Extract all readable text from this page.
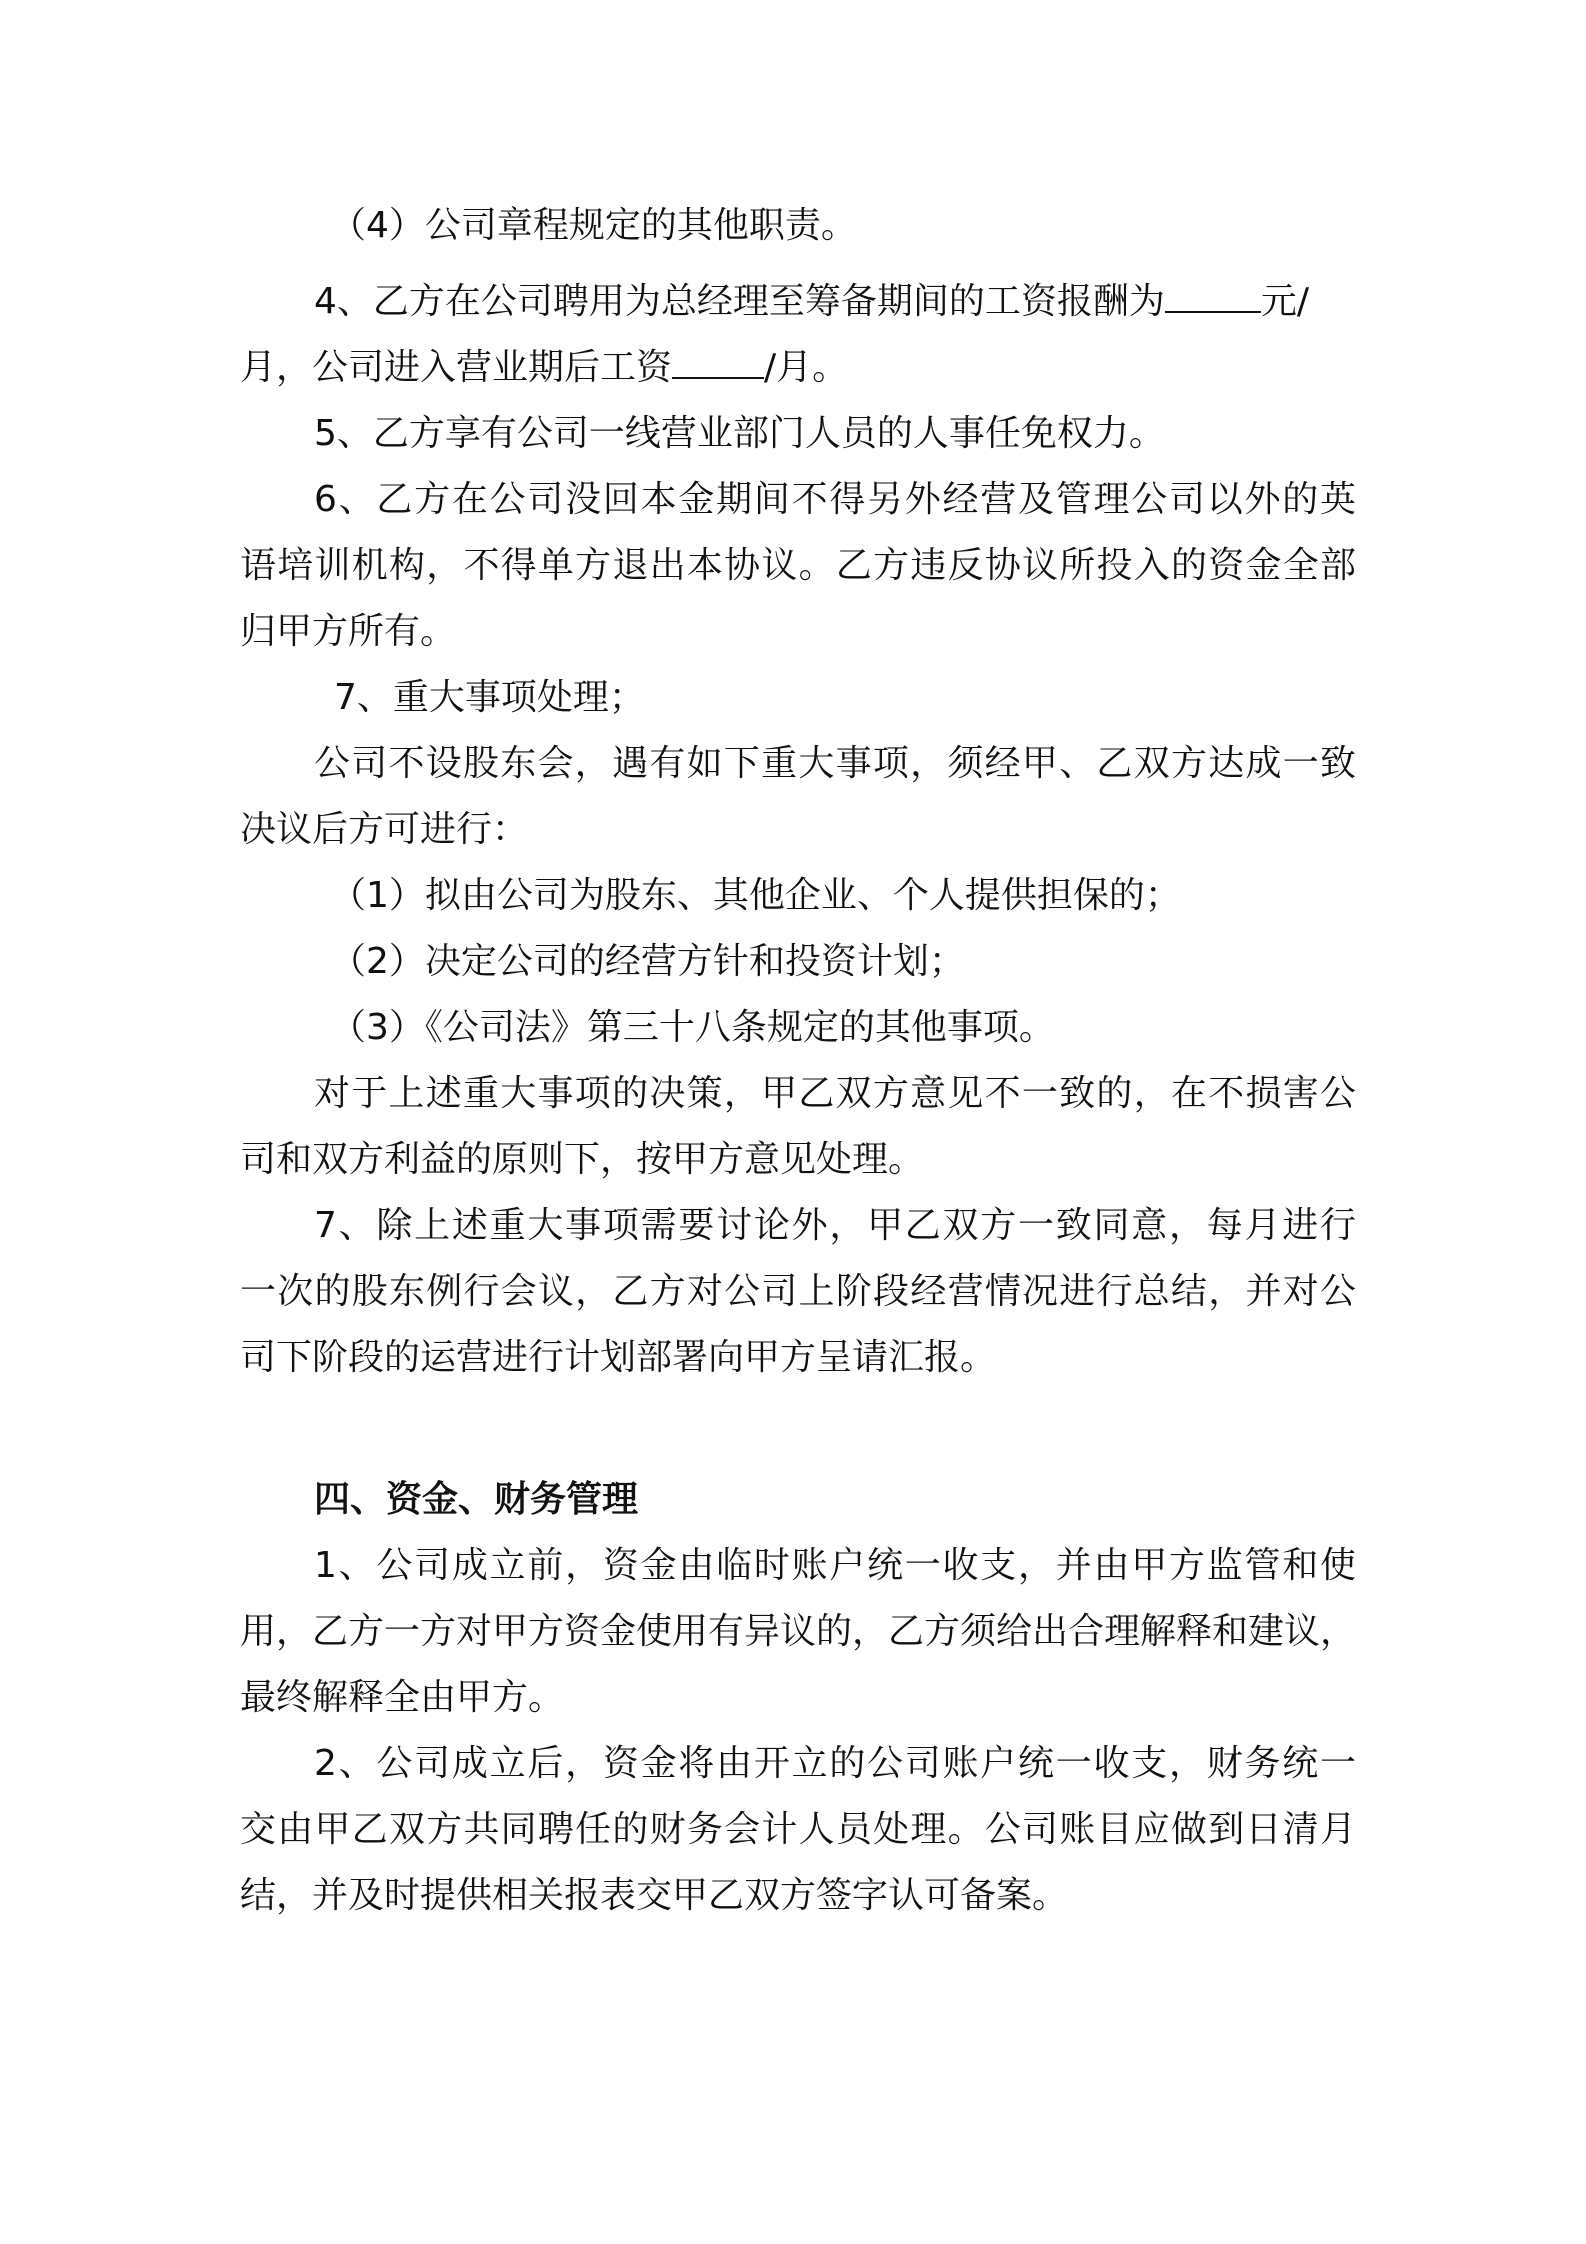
（4）公司章程规定的其他职责。
4、乙方在公司聘用为总经理至筹备期间的工资报酬为	元/
月，公司进入营业期后工资	/月。
5、乙方享有公司一线营业部门人员的人事任免权力。
6、乙方在公司没回本金期间不得另外经营及管理公司以外的英
语培训机构，不得单方退出本协议。乙方违反协议所投入的资金全部
归甲方所有。
7、重大事项处理；
公司不设股东会，遇有如下重大事项，须经甲、乙双方达成一致
决议后方可进行：
（1）拟由公司为股东、其他企业、个人提供担保的；
（2）决定公司的经营方针和投资计划；
（3）《公司法》第三十八条规定的其他事项。
对于上述重大事项的决策，甲乙双方意见不一致的，在不损害公
司和双方利益的原则下，按甲方意见处理。
7、除上述重大事项需要讨论外，甲乙双方一致同意，每月进行
一次的股东例行会议，乙方对公司上阶段经营情况进行总结，并对公
司下阶段的运营进行计划部署向甲方呈请汇报。
四、资金、财务管理
1、公司成立前，资金由临时账户统一收支，并由甲方监管和使
用，乙方一方对甲方资金使用有异议的，乙方须给出合理解释和建议，
最终解释全由甲方。
2、公司成立后，资金将由开立的公司账户统一收支，财务统一
交由甲乙双方共同聘任的财务会计人员处理。公司账目应做到日清月
结，并及时提供相关报表交甲乙双方签字认可备案。
